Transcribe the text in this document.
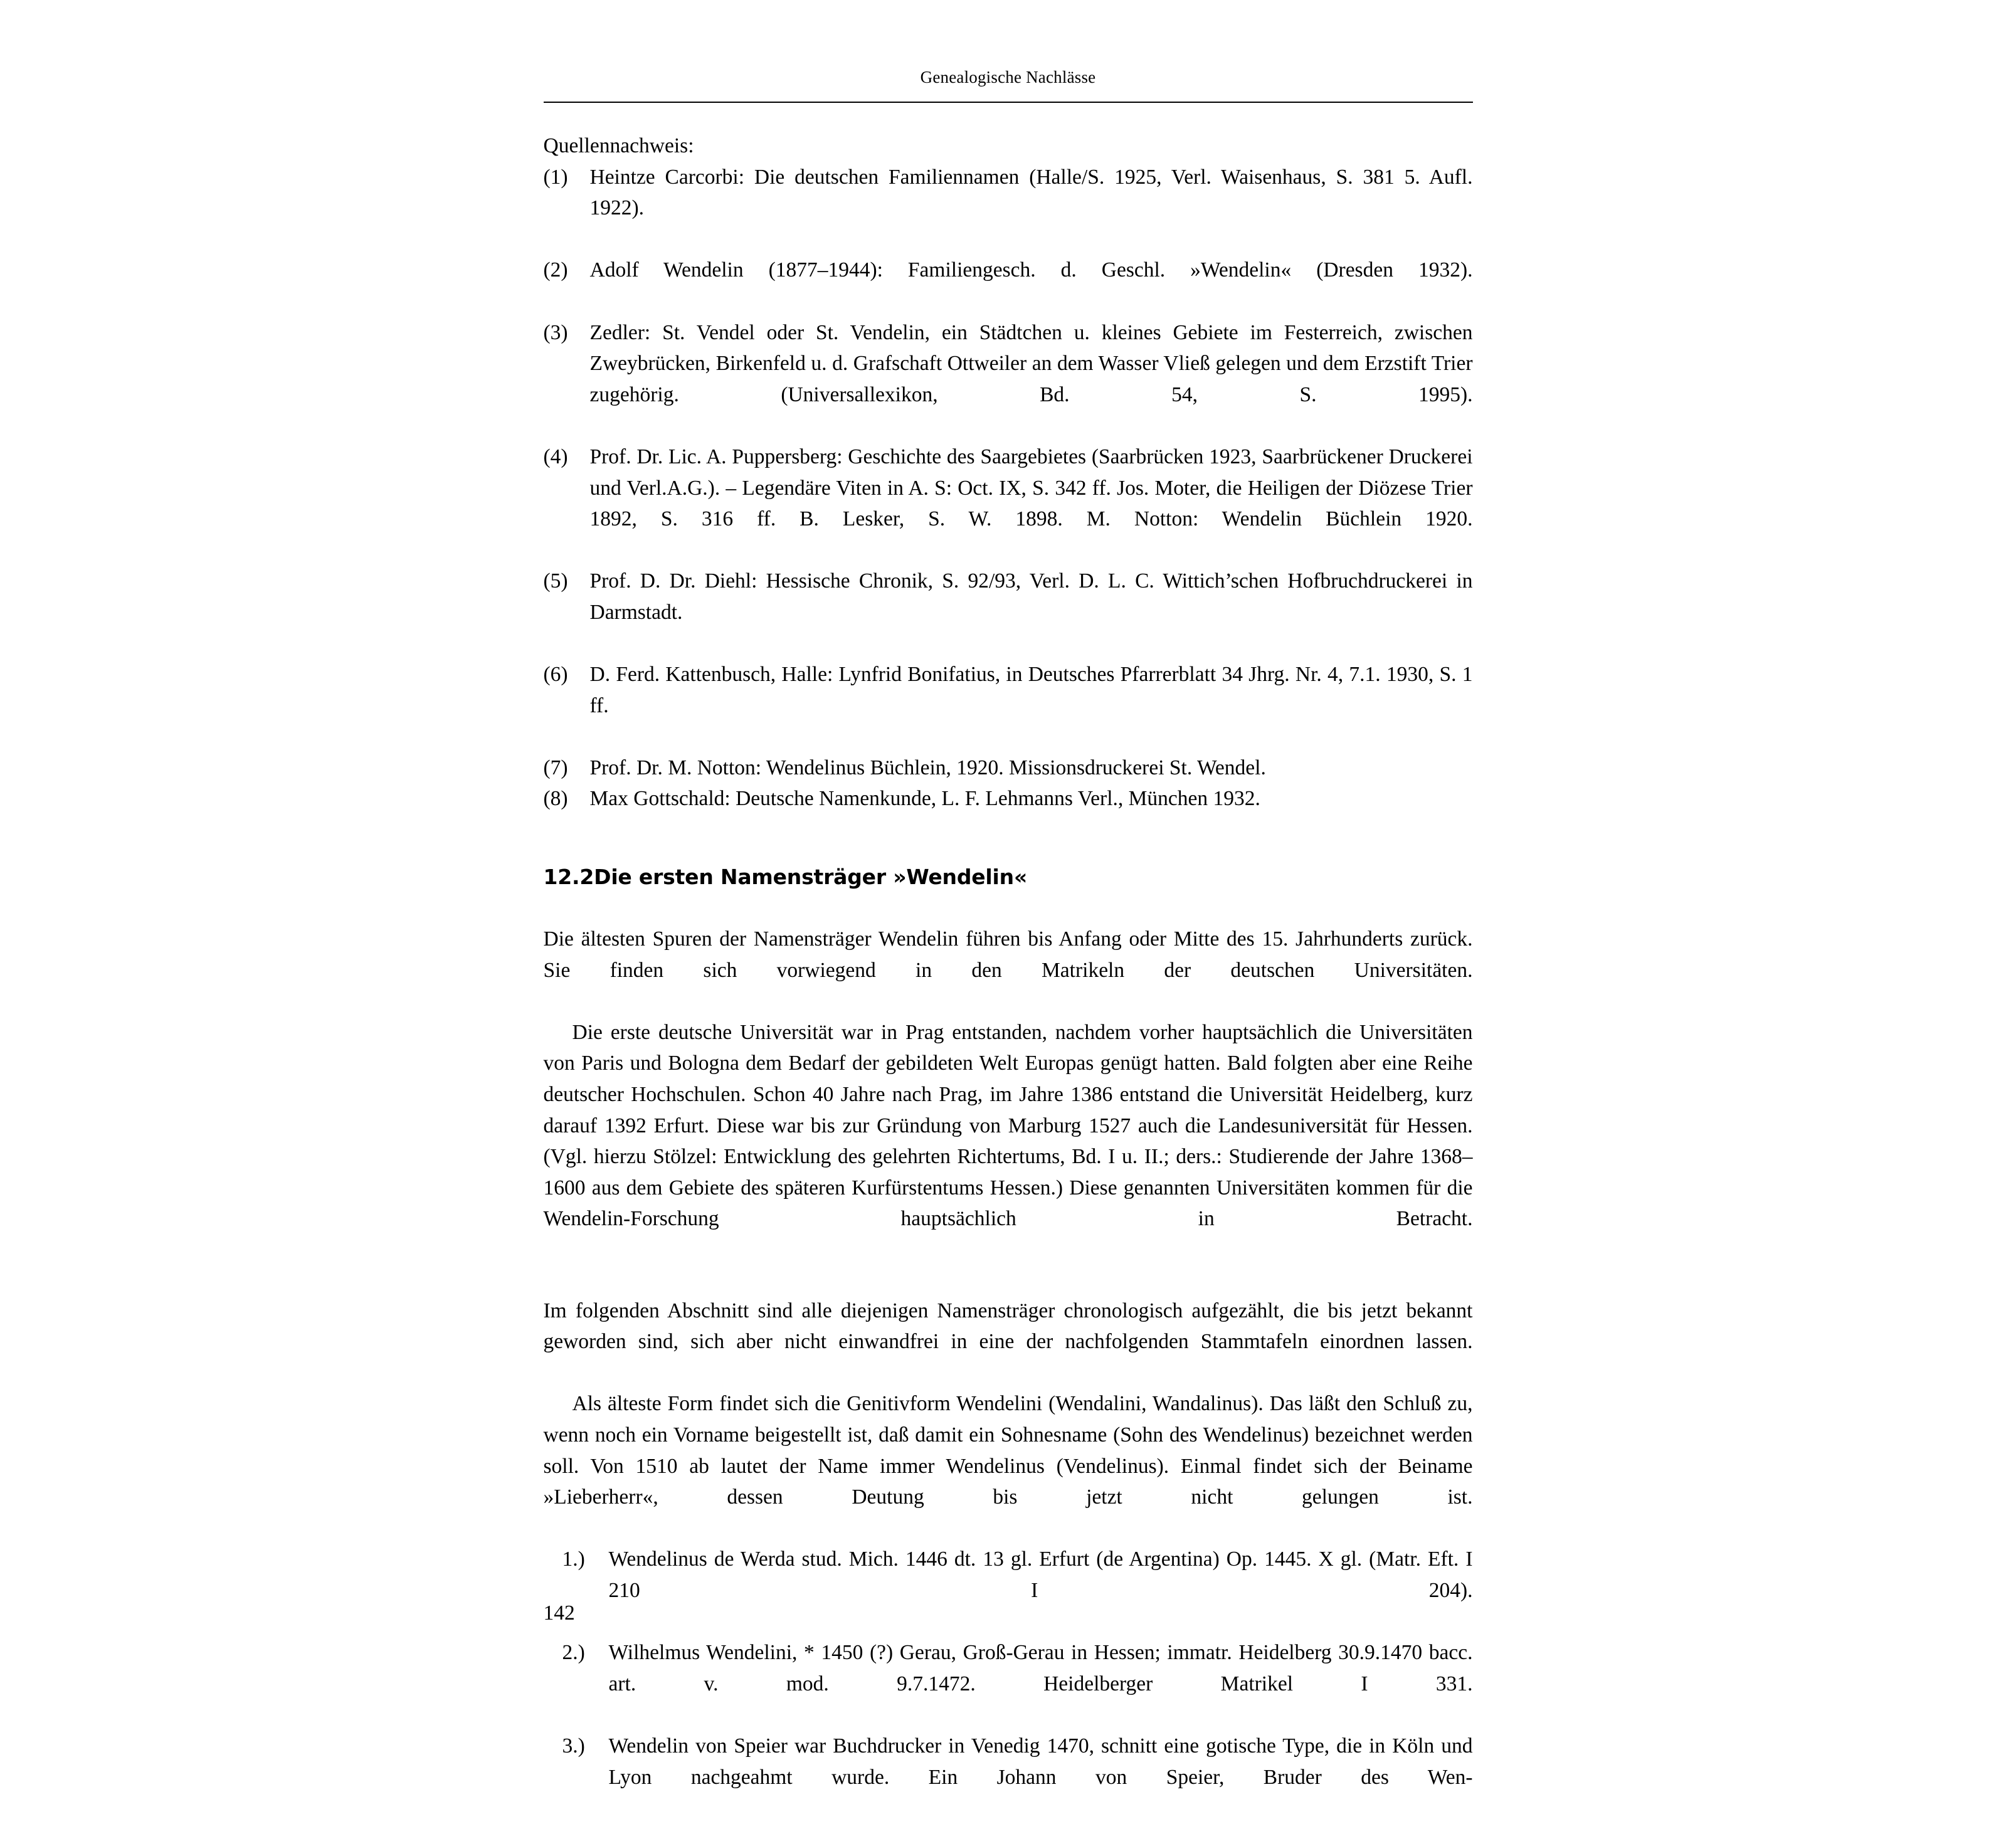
Genealogische Nachlässe
Quellennachweis:
(1)	Heintze Carcorbi: Die deutschen Familiennamen (Halle/S. 1925, Verl. Waisenhaus, S. 381 5. Aufl. 1922).
(2)	Adolf Wendelin (1877–1944): Familiengesch. d. Geschl. »Wendelin« (Dresden 1932).
(3)	Zedler: St. Vendel oder St. Vendelin, ein Städtchen u. kleines Gebiete im Festerreich, zwischen Zweybrücken, Birkenfeld u. d. Grafschaft Ottweiler an dem Wasser Vließ gelegen und dem Erzstift Trier zugehörig. (Universallexikon, Bd. 54, S. 1995).
(4)	Prof. Dr. Lic. A. Puppersberg: Geschichte des Saargebietes (Saarbrücken 1923, Saarbrückener Druckerei und Verl.A.G.). – Legendäre Viten in A. S: Oct. IX, S. 342 ff. Jos. Moter, die Heiligen der Diözese Trier 1892, S. 316 ff. B. Lesker, S. W. 1898. M. Notton: Wendelin Büchlein 1920.
(5)	Prof. D. Dr. Diehl: Hessische Chronik, S. 92/93, Verl. D. L. C. Wittich’schen Hofbruchdruckerei in Darmstadt.
(6)	D. Ferd. Kattenbusch, Halle: Lynfrid Bonifatius, in Deutsches Pfarrerblatt 34 Jhrg. Nr. 4, 7.1. 1930, S. 1 ff.
(7)	Prof. Dr. M. Notton: Wendelinus Büchlein, 1920. Missionsdruckerei St. Wendel.
(8)	Max Gottschald: Deutsche Namenkunde, L. F. Lehmanns Verl., München 1932.
12.2Die ersten Namensträger »Wendelin«

Die ältesten Spuren der Namensträger Wendelin führen bis Anfang oder Mitte des 15. Jahrhunderts zurück. Sie finden sich vorwiegend in den Matrikeln der deutschen Universitäten.

Die erste deutsche Universität war in Prag entstanden, nachdem vorher hauptsächlich die Universitäten von Paris und Bologna dem Bedarf der gebildeten Welt Europas genügt hatten. Bald folgten aber eine Reihe deutscher Hochschulen. Schon 40 Jahre nach Prag, im Jahre 1386 entstand die Universität Heidelberg, kurz darauf 1392 Erfurt. Diese war bis zur Gründung von Marburg 1527 auch die Landesuniversität für Hessen. (Vgl. hierzu Stölzel: Entwicklung des gelehrten Richtertums, Bd. I u. II.; ders.: Studierende der Jahre 1368–1600 aus dem Gebiete des späteren Kurfürstentums Hessen.) Diese genannten Universitäten kommen für die Wendelin-Forschung hauptsächlich in Betracht.

Im folgenden Abschnitt sind alle diejenigen Namensträger chronologisch aufgezählt, die bis jetzt bekannt geworden sind, sich aber nicht einwandfrei in eine der nachfolgenden Stammtafeln einordnen lassen.

Als älteste Form findet sich die Genitivform Wendelini (Wendalini, Wandalinus). Das läßt den Schluß zu, wenn noch ein Vorname beigestellt ist, daß damit ein Sohnesname (Sohn des Wendelinus) bezeichnet werden soll. Von 1510 ab lautet der Name immer Wendelinus (Vendelinus). Einmal findet sich der Beiname »Lieberherr«, dessen Deutung bis jetzt nicht gelungen ist.

1.)	Wendelinus de Werda stud. Mich. 1446 dt. 13 gl. Erfurt (de Argentina) Op. 1445. X gl. (Matr. Eft. I 210 I 204).
2.)	Wilhelmus Wendelini, * 1450 (?) Gerau, Groß-Gerau in Hessen; immatr. Heidelberg 30.9.1470 bacc. art. v. mod. 9.7.1472. Heidelberger Matrikel I 331.
3.)	Wendelin von Speier war Buchdrucker in Venedig 1470, schnitt eine gotische Type, die in Köln und Lyon nachgeahmt wurde. Ein Johann von Speier, Bruder des Wen-
142
